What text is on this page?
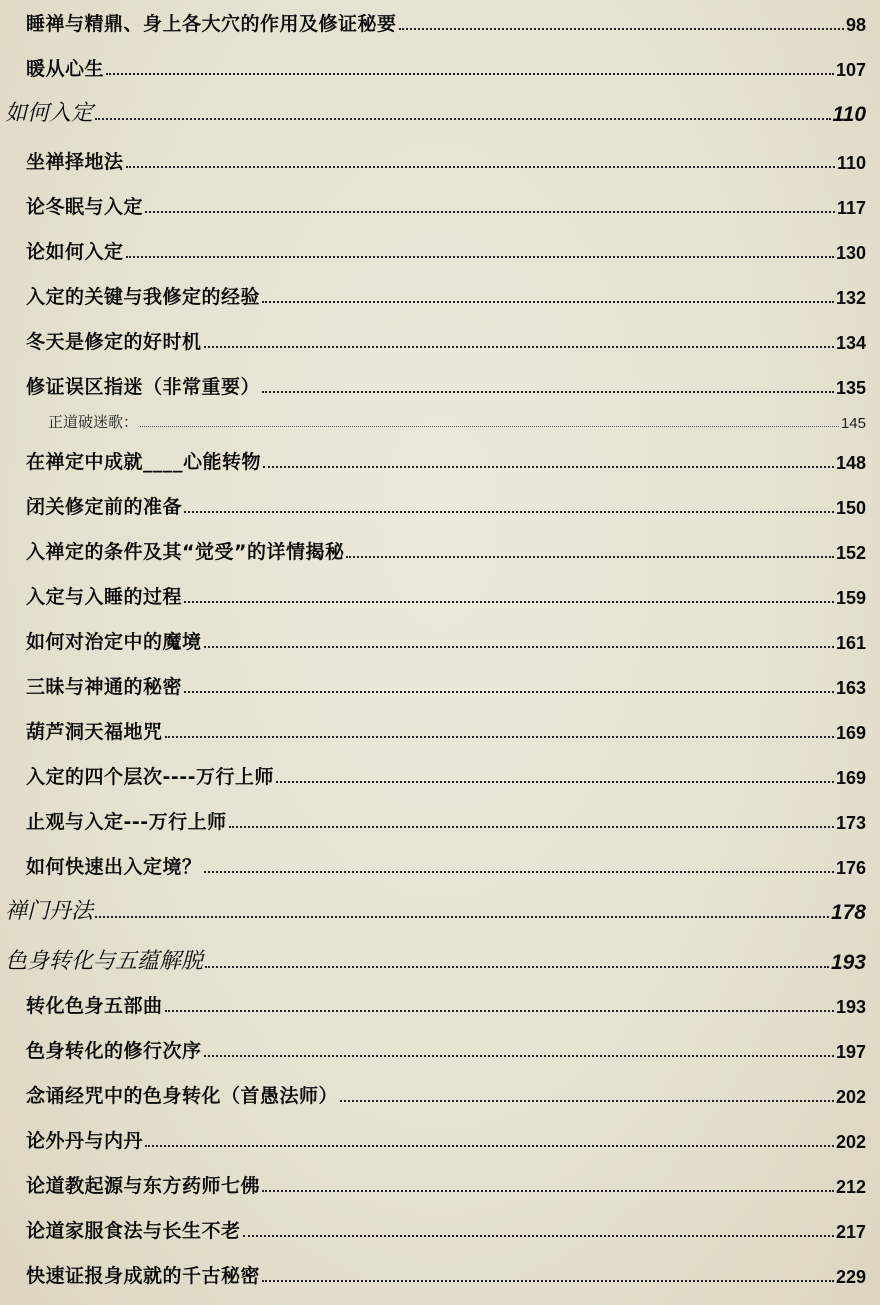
睡禅与精鼎、身上各大穴的作用及修证秘要	98
暖从心生	107
如何入定	110
坐禅择地法	110
论冬眠与入定	117
论如何入定	130
入定的关键与我修定的经验	132
冬天是修定的好时机	134
修证误区指迷（非常重要）	135
正道破迷歌：	145
在禅定中成就____心能转物	148
闭关修定前的准备	150
入禅定的条件及其“觉受”的详情揭秘	152
入定与入睡的过程	159
如何对治定中的魔境	161
三昧与神通的秘密	163
葫芦洞天福地咒	169
入定的四个层次----万行上师	169
止观与入定---万行上师	173
如何快速出入定境？	176
禅门丹法	178
色身转化与五蕴解脱	193
转化色身五部曲	193
色身转化的修行次序	197
念诵经咒中的色身转化（首愚法师）	202
论外丹与内丹	202
论道教起源与东方药师七佛	212
论道家服食法与长生不老	217
快速证报身成就的千古秘密	229
